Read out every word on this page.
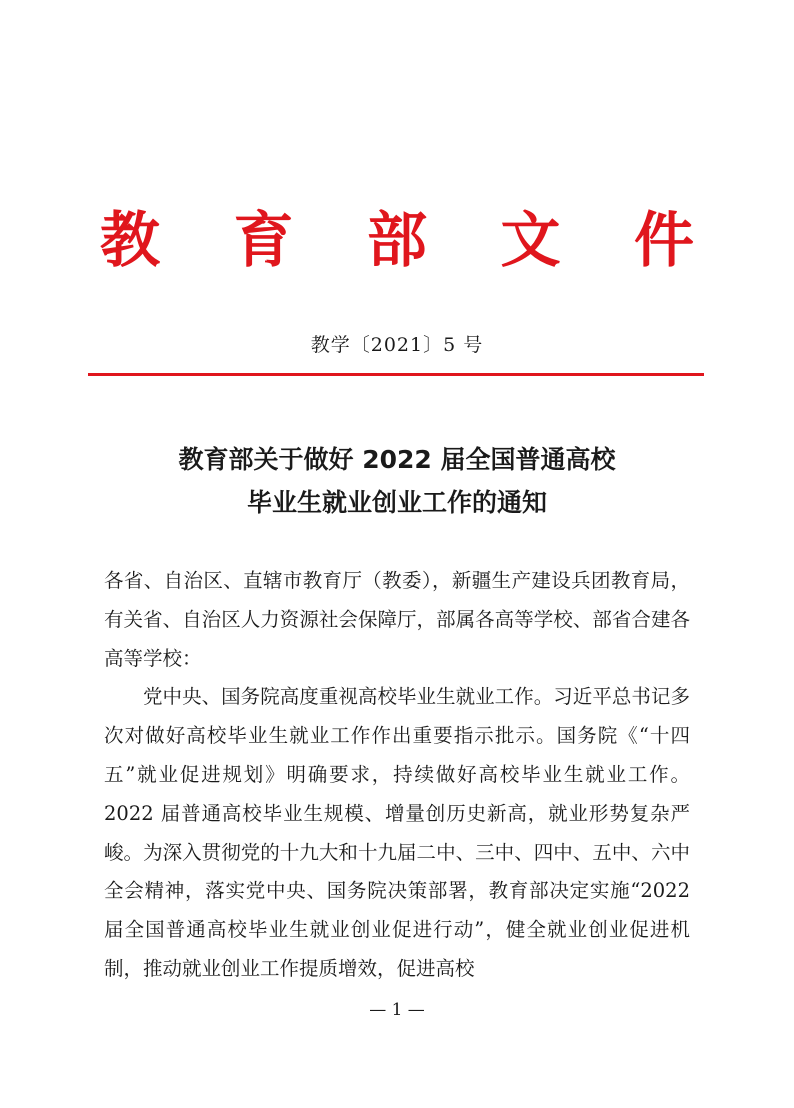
教 育 部 文 件
教学〔2021〕5 号
教育部关于做好 2022 届全国普通高校
毕业生就业创业工作的通知

各省、自治区、直辖市教育厅（教委），新疆生产建设兵团教育局，有关省、自治区人力资源社会保障厅，部属各高等学校、部省合建各高等学校：

党中央、国务院高度重视高校毕业生就业工作。习近平总书记多次对做好高校毕业生就业工作作出重要指示批示。国务院《“十四五”就业促进规划》明确要求，持续做好高校毕业生就业工作。2022 届普通高校毕业生规模、增量创历史新高，就业形势复杂严峻。为深入贯彻党的十九大和十九届二中、三中、四中、五中、六中全会精神，落实党中央、国务院决策部署，教育部决定实施“2022 届全国普通高校毕业生就业创业促进行动”，健全就业创业促进机制，推动就业创业工作提质增效，促进高校

— 1 —
